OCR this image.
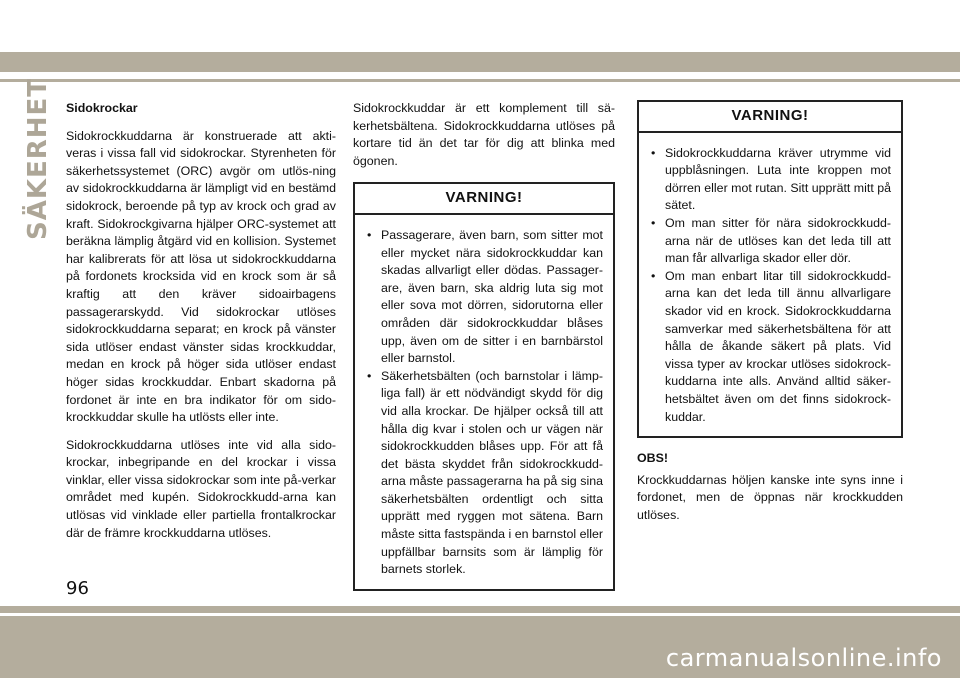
SÄKERHET Sidokrockar

Sidokrockkuddarna är konstruerade att akti-veras i vissa fall vid sidokrockar. Styrenheten för säkerhetssystemet (ORC) avgör om utlös-ning av sidokrockkuddarna är lämpligt vid en bestämd sidokrock, beroende på typ av krock och grad av kraft. Sidokrockgivarna hjälper ORC-systemet att beräkna lämplig åtgärd vid en kollision. Systemet har kalibrerats för att lösa ut sidokrockkuddarna på fordonets krocksida vid en krock som är så kraftig att den kräver sidoairbagens passagerarskydd. Vid sidokrockar utlöses sidokrockkuddarna separat; en krock på vänster sida utlöser endast vänster sidas krockkuddar, medan en krock på höger sida utlöser endast höger sidas krockkuddar. Enbart skadorna på fordonet är inte en bra indikator för om sido-krockkuddar skulle ha utlösts eller inte.

Sidokrockkuddarna utlöses inte vid alla sido-krockar, inbegripande en del krockar i vissa vinklar, eller vissa sidokrockar som inte på-verkar området med kupén. Sidokrockkudd-arna kan utlösas vid vinklade eller partiella frontalkrockar där de främre krockkuddarna utlöses.

Sidokrockkuddar är ett komplement till sä-kerhetsbältena. Sidokrockkuddarna utlöses på kortare tid än det tar för dig att blinka med ögonen.

VARNING!
• Passagerare, även barn, som sitter mot eller mycket nära sidokrockkuddar kan skadas allvarligt eller dödas. Passager-are, även barn, ska aldrig luta sig mot eller sova mot dörren, sidorutorna eller områden där sidokrockkuddar blåses upp, även om de sitter i en barnbärstol eller barnstol.
• Säkerhetsbälten (och barnstolar i lämp-liga fall) är ett nödvändigt skydd för dig vid alla krockar. De hjälper också till att hålla dig kvar i stolen och ur vägen när sidokrockkudden blåses upp. För att få det bästa skyddet från sidokrockkudd-arna måste passagerarna ha på sig sina säkerhetsbälten ordentligt och sitta upprätt med ryggen mot sätena. Barn måste sitta fastspända i en barnstol eller uppfällbar barnsits som är lämplig för barnets storlek.
VARNING!
• Sidokrockkuddarna kräver utrymme vid uppblåsningen. Luta inte kroppen mot dörren eller mot rutan. Sitt upprätt mitt på sätet.
• Om man sitter för nära sidokrockkudd-arna när de utlöses kan det leda till att man får allvarliga skador eller dör.
• Om man enbart litar till sidokrockkudd-arna kan det leda till ännu allvarligare skador vid en krock. Sidokrockkuddarna samverkar med säkerhetsbältena för att hålla de åkande säkert på plats. Vid vissa typer av krockar utlöses sidokrock-kuddarna inte alls. Använd alltid säker-hetsbältet även om det finns sidokrock-kuddar.
OBS!

Krockkuddarnas höljen kanske inte syns inne i fordonet, men de öppnas när krockkudden utlöses.

96
carmanualsonline.info
